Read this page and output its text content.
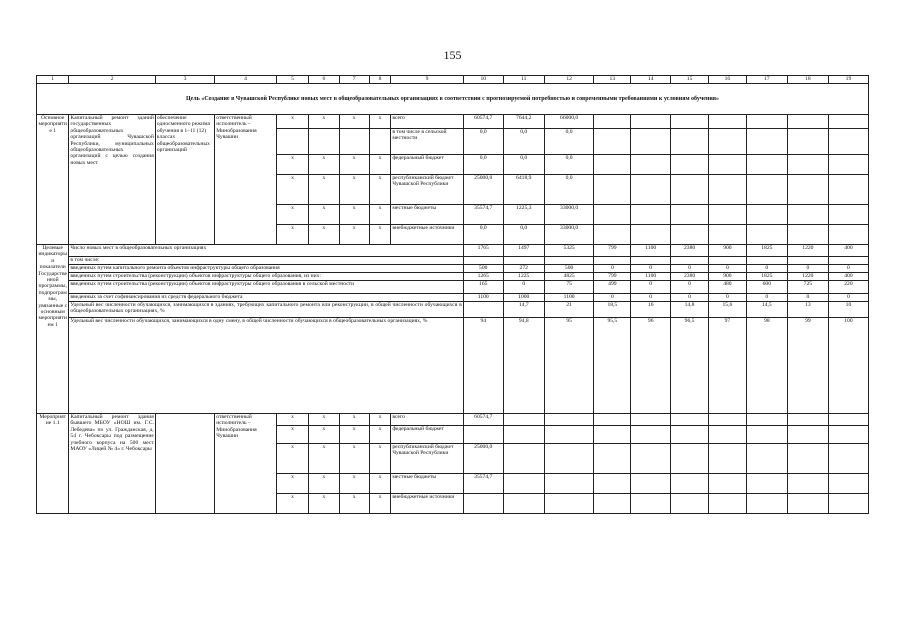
155
1	2	3	4	5	6	7	8	9	10	11	12	13	14	15	16	17	18	19
Цель «Создание в Чувашской Республике новых мест в общеобразовательных организациях в соответствии с прогнозируемой потребностью и современными требованиями к условиям обучения»																		
Основное мероприятие 1	Капитальный ремонт зданий государственных общеобразовательных организаций Чувашской Республики, муниципальных общеобразовательных организаций с целью создания новых мест	обеспечение односменного режима обучения в 1–11 (12) классах общеобразовательных организаций	ответственный исполнитель – Минобразования Чувашии	x	x	x	x	всего	60574,7	7644,2	66000,0							
								в том числе в сельской местности	0,0	0,0	0,0							
				x	x	x	x	федеральный бюджет	0,0	0,0	0,0							
				x	x	x	x	республиканский бюджет Чувашской Республики	25000,0	6418,9	0,0							
				x	x	x	x	местные бюджеты	35574,7	1225,3	33000,0							
				x	x	x	x	внебюджетные источники	0,0	0,0	33000,0							
Целевые индикаторы и показатели Государственной программы, подпрограммы, увязанные с основным мероприятием 1	Число новых мест в общеобразовательных организациях								1765	1497	5325	799	1100	2380	900	1825	1220	400
	в том числе:																	
	введенных путем капитального ремонта объектов инфраструктуры общего образования								500	272	500	0	0	0	0	0	0	0
	введенных путем строительства (реконструкции) объектов инфраструктуры общего образования, из них:								1265	1225	4825	799	1100	2380	900	1825	1220	400
	введенных путем строительства (реконструкции) объектов инфраструктуры общего образования в сельской местности								165	0	75	499	0	0	480	600	725	220
	введенных за счет софинансирования из средств федерального бюджета								1100	1000	1100	0	0	0	0	0	0	0
	Удельный вес численности обучающихся, занимающихся в зданиях, требующих капитального ремонта или реконструкции, в общей численности обучающихся в общеобразовательных организациях, %									14,7	21	18,5	16	14,8	15,6	14,5	13	10
	Удельный вес численности обучающихся, занимающихся в одну смену, в общей численности обучающихся в общеобразовательных организациях, %								94	94,8	95	95,5	96	96,5	97	98	99	100
Мероприятие 1.1	Капитальный ремонт здания бывшего МБОУ «НОШ им. Г.С. Лебедева» по ул. Гражданская, д. 54 г. Чебоксары под размещение учебного корпуса на 500 мест МАОУ «Лицей № 4» г. Чебоксары		ответственный исполнитель – Минобразования Чувашии	x	x	x	x	всего	60574,7									
				x	x	x	x	федеральный бюджет										
				x	x	x	x	республиканский бюджет Чувашской Республики	25000,0									
				x	x	x	x	местные бюджеты	35574,7									
				x	x	x	x	внебюджетные источники										
